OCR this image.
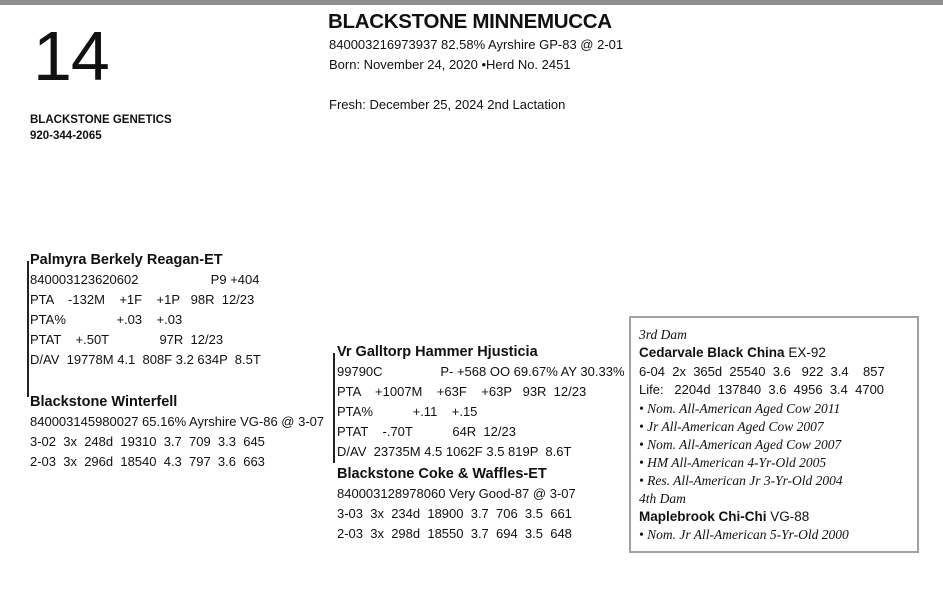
14
BLACKSTONE GENETICS
920-344-2065
BLACKSTONE MINNEMUCCA
840003216973937 82.58% Ayrshire GP-83 @ 2-01
Born: November 24, 2020 •Herd No. 2451
Fresh: December 25, 2024 2nd Lactation
Palmyra Berkely Reagan-ET
840003123620602                    P9 +404
PTA    -132M    +1F    +1P   98R  12/23
PTA%              +.03    +.03
PTAT    +.50T              97R  12/23
D/AV  19778M 4.1  808F 3.2 634P  8.5T
Blackstone Winterfell
840003145980027 65.16% Ayrshire VG-86 @ 3-07
3-02  3x  248d  19310  3.7  709  3.3  645
2-03  3x  296d  18540  4.3  797  3.6  663
Vr Galltorp Hammer Hjusticia
99790C                P- +568 OO 69.67% AY 30.33%
PTA    +1007M    +63F    +63P   93R  12/23
PTA%           +.11    +.15
PTAT    -.70T           64R  12/23
D/AV  23735M 4.5 1062F 3.5 819P  8.6T
Blackstone Coke & Waffles-ET
840003128978060 Very Good-87 @ 3-07
3-03  3x  234d  18900  3.7  706  3.5  661
2-03  3x  298d  18550  3.7  694  3.5  648
3rd Dam
Cedarvale Black China EX-92
6-04  2x  365d  25540  3.6   922  3.4    857
Life:   2204d  137840  3.6  4956  3.4  4700
• Nom. All-American Aged Cow 2011
• Jr All-American Aged Cow 2007
• Nom. All-American Aged Cow 2007
• HM All-American 4-Yr-Old 2005
• Res. All-American Jr 3-Yr-Old 2004
4th Dam
Maplebrook Chi-Chi VG-88
• Nom. Jr All-American 5-Yr-Old 2000
